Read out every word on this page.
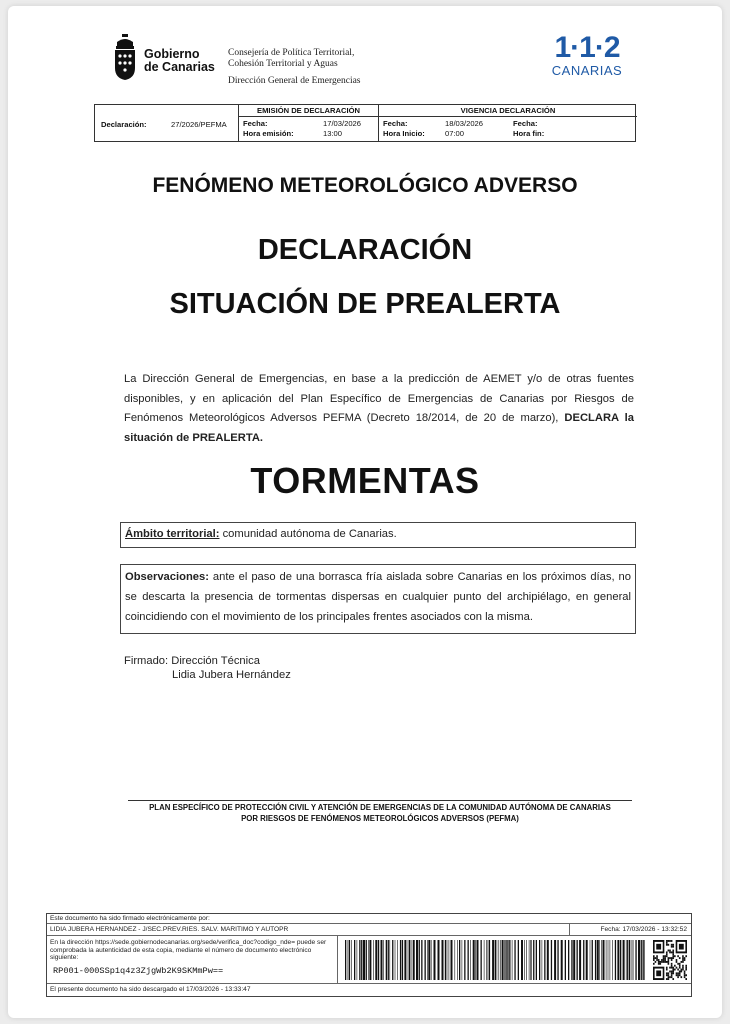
Gobierno
de Canarias
Consejería de Política Territorial,
Cohesión Territorial y Aguas
Dirección General de Emergencias
1·1·2
CANARIAS
Declaración:	27/2026/PEFMA
EMISIÓN DE DECLARACIÓN
Fecha:	17/03/2026
Hora emisión:	13:00
VIGENCIA DECLARACIÓN
Fecha:	18/03/2026
Hora Inicio:	07:00
Fecha:
Hora fin:
FENÓMENO METEOROLÓGICO ADVERSO
DECLARACIÓN
SITUACIÓN DE PREALERTA
La Dirección General de Emergencias, en base a la predicción de AEMET y/o de otras fuentes disponibles, y en aplicación del Plan Específico de Emergencias de Canarias por Riesgos de Fenómenos Meteorológicos Adversos PEFMA (Decreto 18/2014, de 20 de marzo), DECLARA la situación de PREALERTA.
TORMENTAS
Ámbito territorial: comunidad autónoma de Canarias.
Observaciones: ante el paso de una borrasca fría aislada sobre Canarias en los próximos días, no se descarta la presencia de tormentas dispersas en cualquier punto del archipiélago, en general coincidiendo con el movimiento de los principales frentes asociados con la misma.
Firmado: Dirección Técnica
Lidia Jubera Hernández
PLAN ESPECÍFICO DE PROTECCIÓN CIVIL Y ATENCIÓN DE EMERGENCIAS DE LA COMUNIDAD AUTÓNOMA DE CANARIAS
POR RIESGOS DE FENÓMENOS METEOROLÓGICOS ADVERSOS (PEFMA)
Este documento ha sido firmado electrónicamente por:
LIDIA JUBERA HERNANDEZ - J/SEC.PREV.RIES. SALV. MARITIMO Y AUTOPR	Fecha: 17/03/2026 - 13:32:52
En la dirección https://sede.gobiernodecanarias.org/sede/verifica_doc?codigo_nde= puede ser comprobada la autenticidad de esta copia, mediante el número de documento electrónico siguiente:
RP001-000SSp1q4z3ZjgWb2K9SKMmPw==
El presente documento ha sido descargado el 17/03/2026 - 13:33:47
